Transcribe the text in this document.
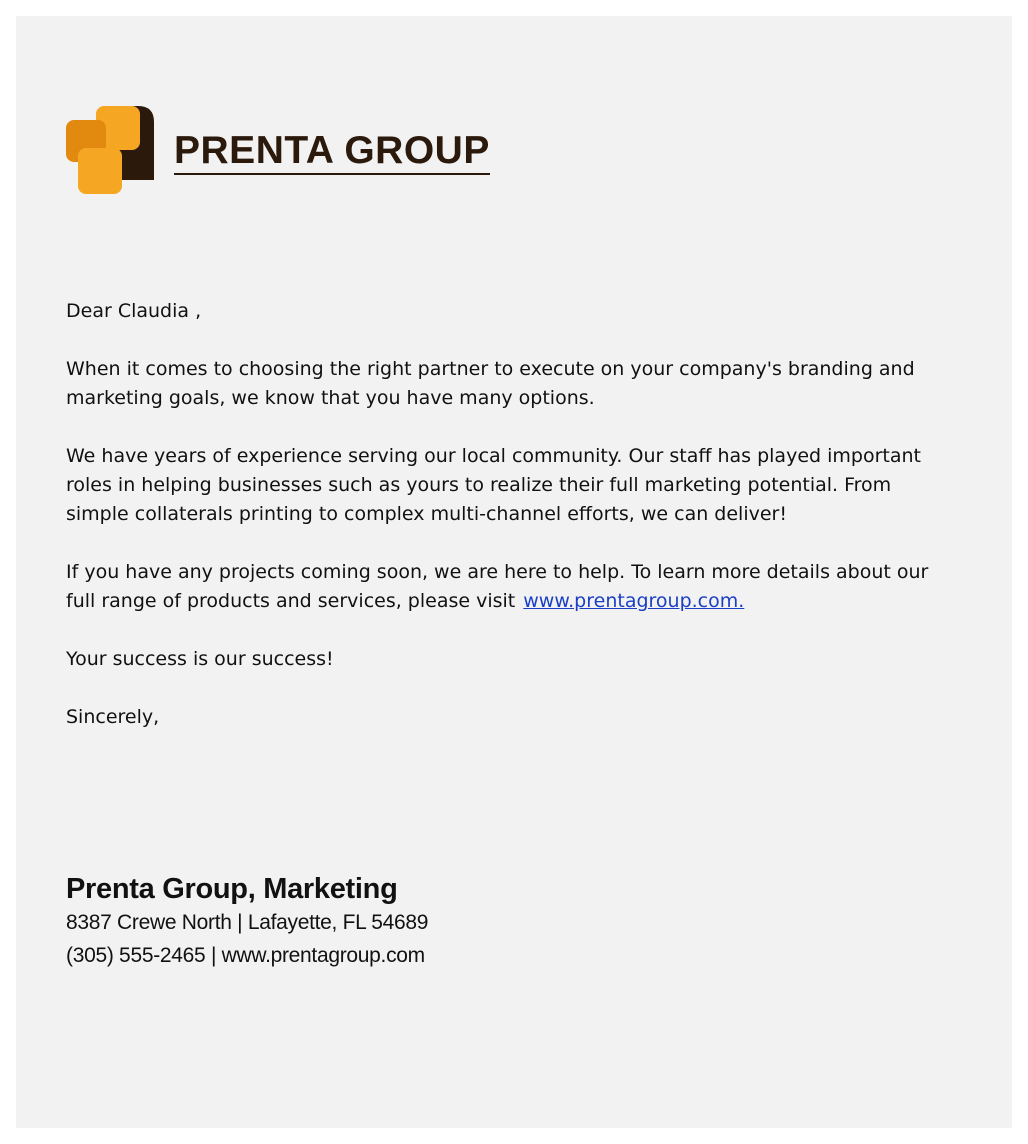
PRENTA GROUP

Dear Claudia ,

When it comes to choosing the right partner to execute on your company's branding and marketing goals, we know that you have many options.

We have years of experience serving our local community. Our staff has played important roles in helping businesses such as yours to realize their full marketing potential. From simple collaterals printing to complex multi-channel efforts, we can deliver!

If you have any projects coming soon, we are here to help. To learn more details about our full range of products and services, please visit www.prentagroup.com.

Your success is our success!

Sincerely,

Prenta Group, Marketing
8387 Crewe North | Lafayette, FL 54689
(305) 555-2465 | www.prentagroup.com
